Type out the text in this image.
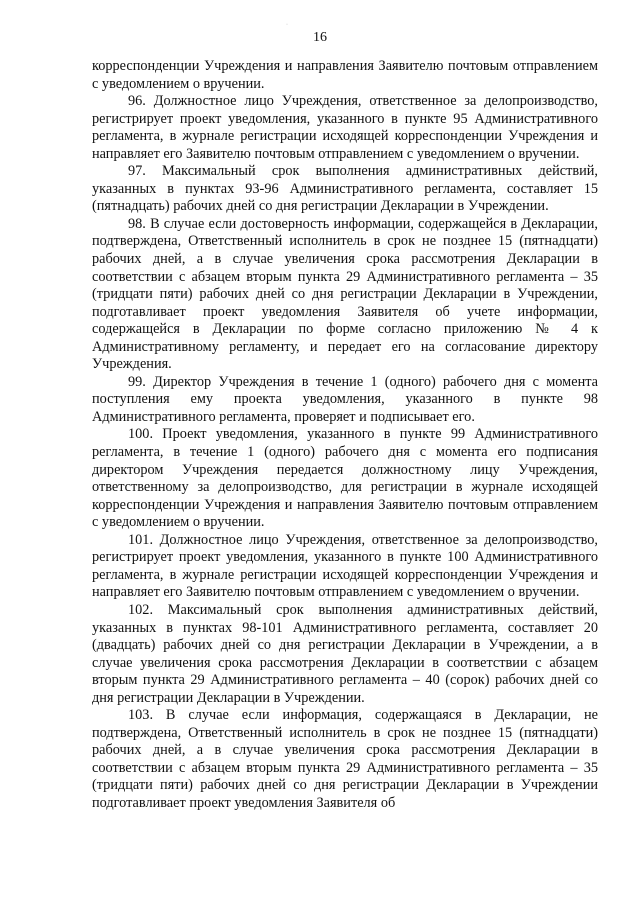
·
16

корреспонденции Учреждения и направления Заявителю почтовым отправлением с уведомлением о вручении.

96. Должностное лицо Учреждения, ответственное за делопроизводство, регистрирует проект уведомления, указанного в пункте 95 Административного регламента, в журнале регистрации исходящей корреспонденции Учреждения и направляет его Заявителю почтовым отправлением с уведомлением о вручении.

97. Максимальный срок выполнения административных действий, указанных в пунктах 93-96 Административного регламента, составляет 15 (пятнадцать) рабочих дней со дня регистрации Декларации в Учреждении.

98. В случае если достоверность информации, содержащейся в Декларации, подтверждена, Ответственный исполнитель в срок не позднее 15 (пятнадцати) рабочих дней, а в случае увеличения срока рассмотрения Декларации в соответствии с абзацем вторым пункта 29 Административного регламента – 35 (тридцати пяти) рабочих дней со дня регистрации Декларации в Учреждении, подготавливает проект уведомления Заявителя об учете информации, содержащейся в Декларации по форме согласно приложению № 4 к Административному регламенту, и передает его на согласование директору Учреждения.

99. Директор Учреждения в течение 1 (одного) рабочего дня с момента поступления ему проекта уведомления, указанного в пункте 98 Административного регламента, проверяет и подписывает его.

100. Проект уведомления, указанного в пункте 99 Административного регламента, в течение 1 (одного) рабочего дня с момента его подписания директором Учреждения передается должностному лицу Учреждения, ответственному за делопроизводство, для регистрации в журнале исходящей корреспонденции Учреждения и направления Заявителю почтовым отправлением с уведомлением о вручении.

101. Должностное лицо Учреждения, ответственное за делопроизводство, регистрирует проект уведомления, указанного в пункте 100 Административного регламента, в журнале регистрации исходящей корреспонденции Учреждения и направляет его Заявителю почтовым отправлением с уведомлением о вручении.

102. Максимальный срок выполнения административных действий, указанных в пунктах 98-101 Административного регламента, составляет 20 (двадцать) рабочих дней со дня регистрации Декларации в Учреждении, а в случае увеличения срока рассмотрения Декларации в соответствии с абзацем вторым пункта 29 Административного регламента – 40 (сорок) рабочих дней со дня регистрации Декларации в Учреждении.

103. В случае если информация, содержащаяся в Декларации, не подтверждена, Ответственный исполнитель в срок не позднее 15 (пятнадцати) рабочих дней, а в случае увеличения срока рассмотрения Декларации в соответствии с абзацем вторым пункта 29 Административного регламента – 35 (тридцати пяти) рабочих дней со дня регистрации Декларации в Учреждении подготавливает проект уведомления Заявителя об
